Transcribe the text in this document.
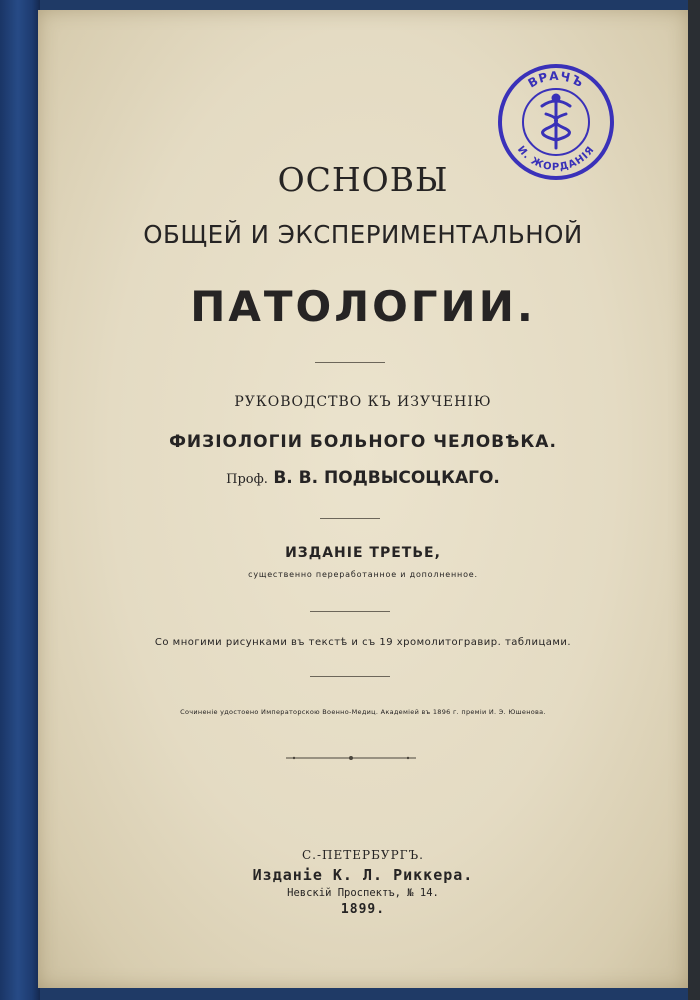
ВРАЧЪ
И. ЖОРДАНІЯ
ОСНОВЫ
ОБЩЕЙ И ЭКСПЕРИМЕНТАЛЬНОЙ
ПАТОЛОГИИ.
РУКОВОДСТВО КЪ ИЗУЧЕНІЮ
ФИЗІОЛОГІИ БОЛЬНОГО ЧЕЛОВѢКА.
Проф. В. В. ПОДВЫСОЦКАГО.
ИЗДАНІЕ ТРЕТЬЕ,
существенно переработанное и дополненное.
Со многими рисунками въ текстѣ и съ 19 хромолитогравир. таблицами.
Сочиненіе удостоено Императорскою Военно-Медиц. Академіей въ 1896 г. преміи И. Э. Юшенова.
С.-ПЕТЕРБУРГЪ.
Изданіе К. Л. Риккера.
Невскій Проспектъ, № 14.
1899.
